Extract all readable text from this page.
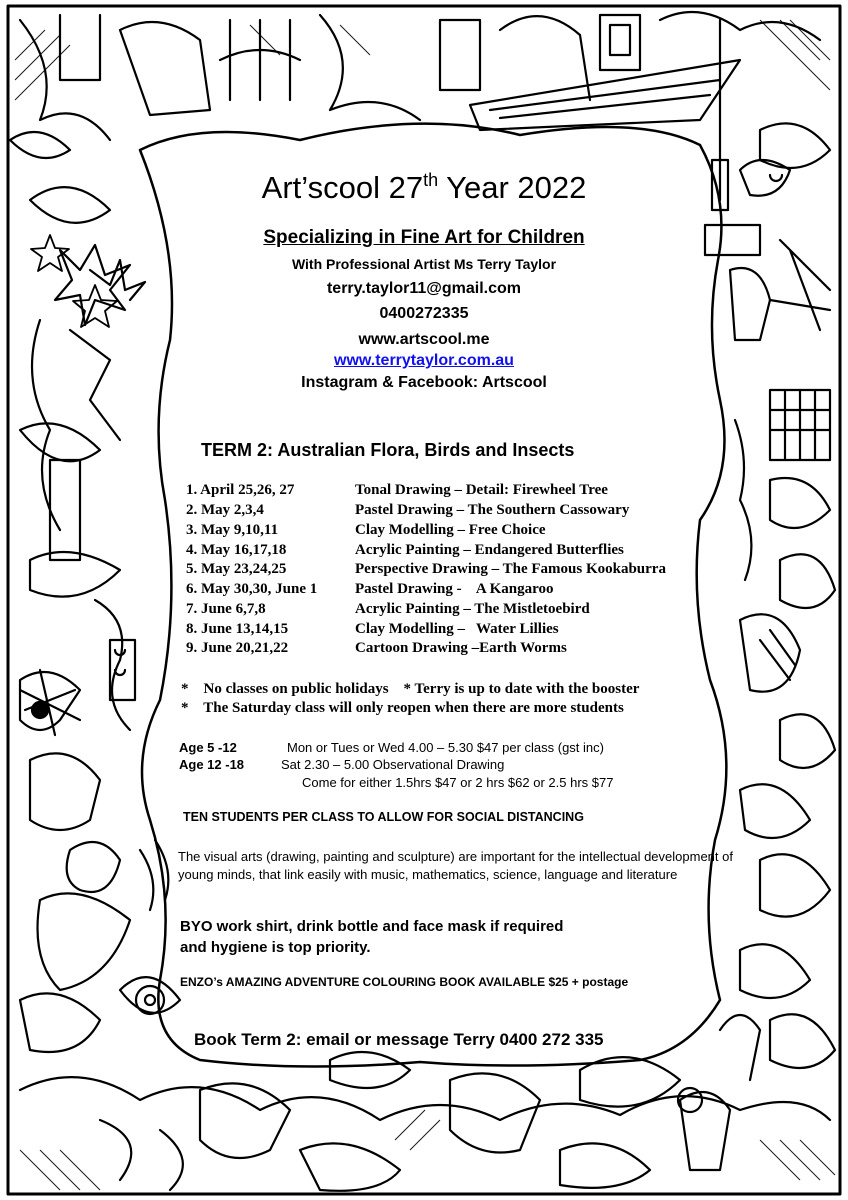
Art’scool 27th Year 2022
Specializing in Fine Art for Children
With Professional Artist Ms Terry Taylor
terry.taylor11@gmail.com
0400272335
www.artscool.me
www.terrytaylor.com.au
Instagram & Facebook: Artscool
TERM 2: Australian Flora, Birds and Insects
1. April 25,26, 27	Tonal Drawing – Detail: Firewheel Tree
2. May 2,3,4	Pastel Drawing – The Southern Cassowary
3. May 9,10,11	Clay Modelling – Free Choice
4. May 16,17,18	Acrylic Painting – Endangered Butterflies
5. May 23,24,25	Perspective Drawing – The Famous Kookaburra
6. May 30,30, June 1	Pastel Drawing -    A Kangaroo
7. June 6,7,8	Acrylic Painting – The Mistletoebird
8. June 13,14,15	Clay Modelling –   Water Lillies
9. June 20,21,22	Cartoon Drawing –Earth Worms
*    No classes on public holidays    * Terry is up to date with the booster
*    The Saturday class will only reopen when there are more students
Age 5 -12	Mon or Tues or Wed 4.00 – 5.30 $47 per class (gst inc)
Age 12 -18	Sat 2.30 – 5.00 Observational Drawing
Come for either 1.5hrs $47 or 2 hrs $62 or 2.5 hrs $77
TEN STUDENTS PER CLASS TO ALLOW FOR SOCIAL DISTANCING
The visual arts (drawing, painting and sculpture) are important for the intellectual development of young minds, that link easily with music, mathematics, science, language and literature
BYO work shirt, drink bottle and face mask if required
and hygiene is top priority.
ENZO’s AMAZING ADVENTURE COLOURING BOOK AVAILABLE $25 + postage
Book Term 2: email or message Terry 0400 272 335
